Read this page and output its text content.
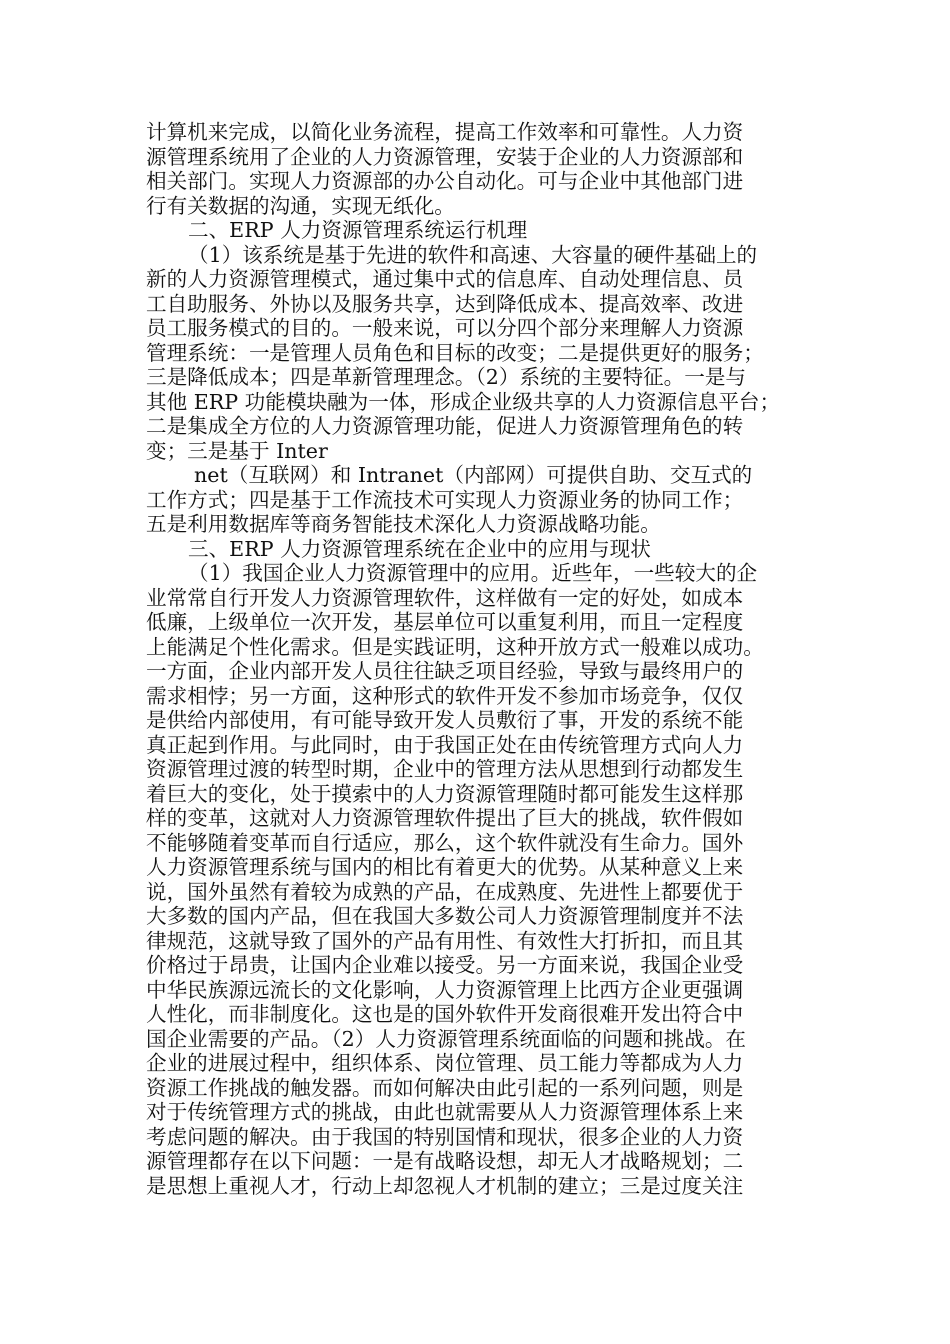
计算机来完成，以简化业务流程，提高工作效率和可靠性。人力资
源管理系统用了企业的人力资源管理，安装于企业的人力资源部和
相关部门。实现人力资源部的办公自动化。可与企业中其他部门进
行有关数据的沟通，实现无纸化。
二、ERP 人力资源管理系统运行机理
（1）该系统是基于先进的软件和高速、大容量的硬件基础上的
新的人力资源管理模式，通过集中式的信息库、自动处理信息、员
工自助服务、外协以及服务共享，达到降低成本、提高效率、改进
员工服务模式的目的。一般来说，可以分四个部分来理解人力资源
管理系统：一是管理人员角色和目标的改变；二是提供更好的服务；
三是降低成本；四是革新管理理念。（2）系统的主要特征。一是与
其他 ERP 功能模块融为一体，形成企业级共享的人力资源信息平台；
二是集成全方位的人力资源管理功能，促进人力资源管理角色的转
变；三是基于 Inter
net（互联网）和 Intranet（内部网）可提供自助、交互式的
工作方式；四是基于工作流技术可实现人力资源业务的协同工作；
五是利用数据库等商务智能技术深化人力资源战略功能。
三、ERP 人力资源管理系统在企业中的应用与现状
（1）我国企业人力资源管理中的应用。近些年，一些较大的企
业常常自行开发人力资源管理软件，这样做有一定的好处，如成本
低廉，上级单位一次开发，基层单位可以重复利用，而且一定程度
上能满足个性化需求。但是实践证明，这种开放方式一般难以成功。
一方面，企业内部开发人员往往缺乏项目经验，导致与最终用户的
需求相悖；另一方面，这种形式的软件开发不参加市场竞争，仅仅
是供给内部使用，有可能导致开发人员敷衍了事，开发的系统不能
真正起到作用。与此同时，由于我国正处在由传统管理方式向人力
资源管理过渡的转型时期，企业中的管理方法从思想到行动都发生
着巨大的变化，处于摸索中的人力资源管理随时都可能发生这样那
样的变革，这就对人力资源管理软件提出了巨大的挑战，软件假如
不能够随着变革而自行适应，那么，这个软件就没有生命力。国外
人力资源管理系统与国内的相比有着更大的优势。从某种意义上来
说，国外虽然有着较为成熟的产品，在成熟度、先进性上都要优于
大多数的国内产品，但在我国大多数公司人力资源管理制度并不法
律规范，这就导致了国外的产品有用性、有效性大打折扣，而且其
价格过于昂贵，让国内企业难以接受。另一方面来说，我国企业受
中华民族源远流长的文化影响，人力资源管理上比西方企业更强调
人性化，而非制度化。这也是的国外软件开发商很难开发出符合中
国企业需要的产品。（2）人力资源管理系统面临的问题和挑战。在
企业的进展过程中，组织体系、岗位管理、员工能力等都成为人力
资源工作挑战的触发器。而如何解决由此引起的一系列问题，则是
对于传统管理方式的挑战，由此也就需要从人力资源管理体系上来
考虑问题的解决。由于我国的特别国情和现状，很多企业的人力资
源管理都存在以下问题：一是有战略设想，却无人才战略规划；二
是思想上重视人才，行动上却忽视人才机制的建立；三是过度关注
